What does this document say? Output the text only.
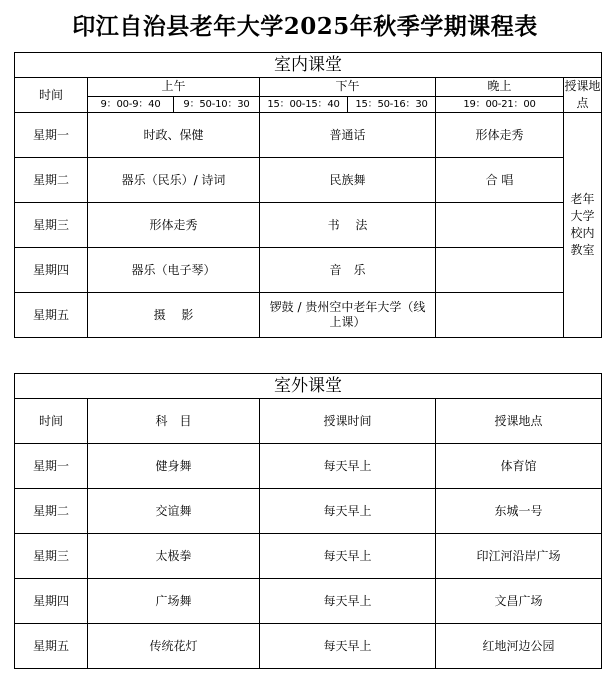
印江自治县老年大学2025年秋季学期课程表
室内课堂						
时间	上午		下午		晚上	授课地点
	9：00-9：40	9：50-10：30	15：00-15：40	15：50-16：30	19：00-21：00	
星期一	时政、保健		普通话		形体走秀	老年大学校内教室
星期二	器乐（民乐）/ 诗词		民族舞		合 唱	
星期三	形体走秀		书　 法			
星期四	器乐（电子琴）		音　乐			
星期五	摄　 影		锣鼓 / 贵州空中老年大学（线上课）			
室外课堂			
时间	科　目	授课时间	授课地点
星期一	健身舞	每天早上	体育馆
星期二	交谊舞	每天早上	东城一号
星期三	太极拳	每天早上	印江河沿岸广场
星期四	广场舞	每天早上	文昌广场
星期五	传统花灯	每天早上	红地河边公园
